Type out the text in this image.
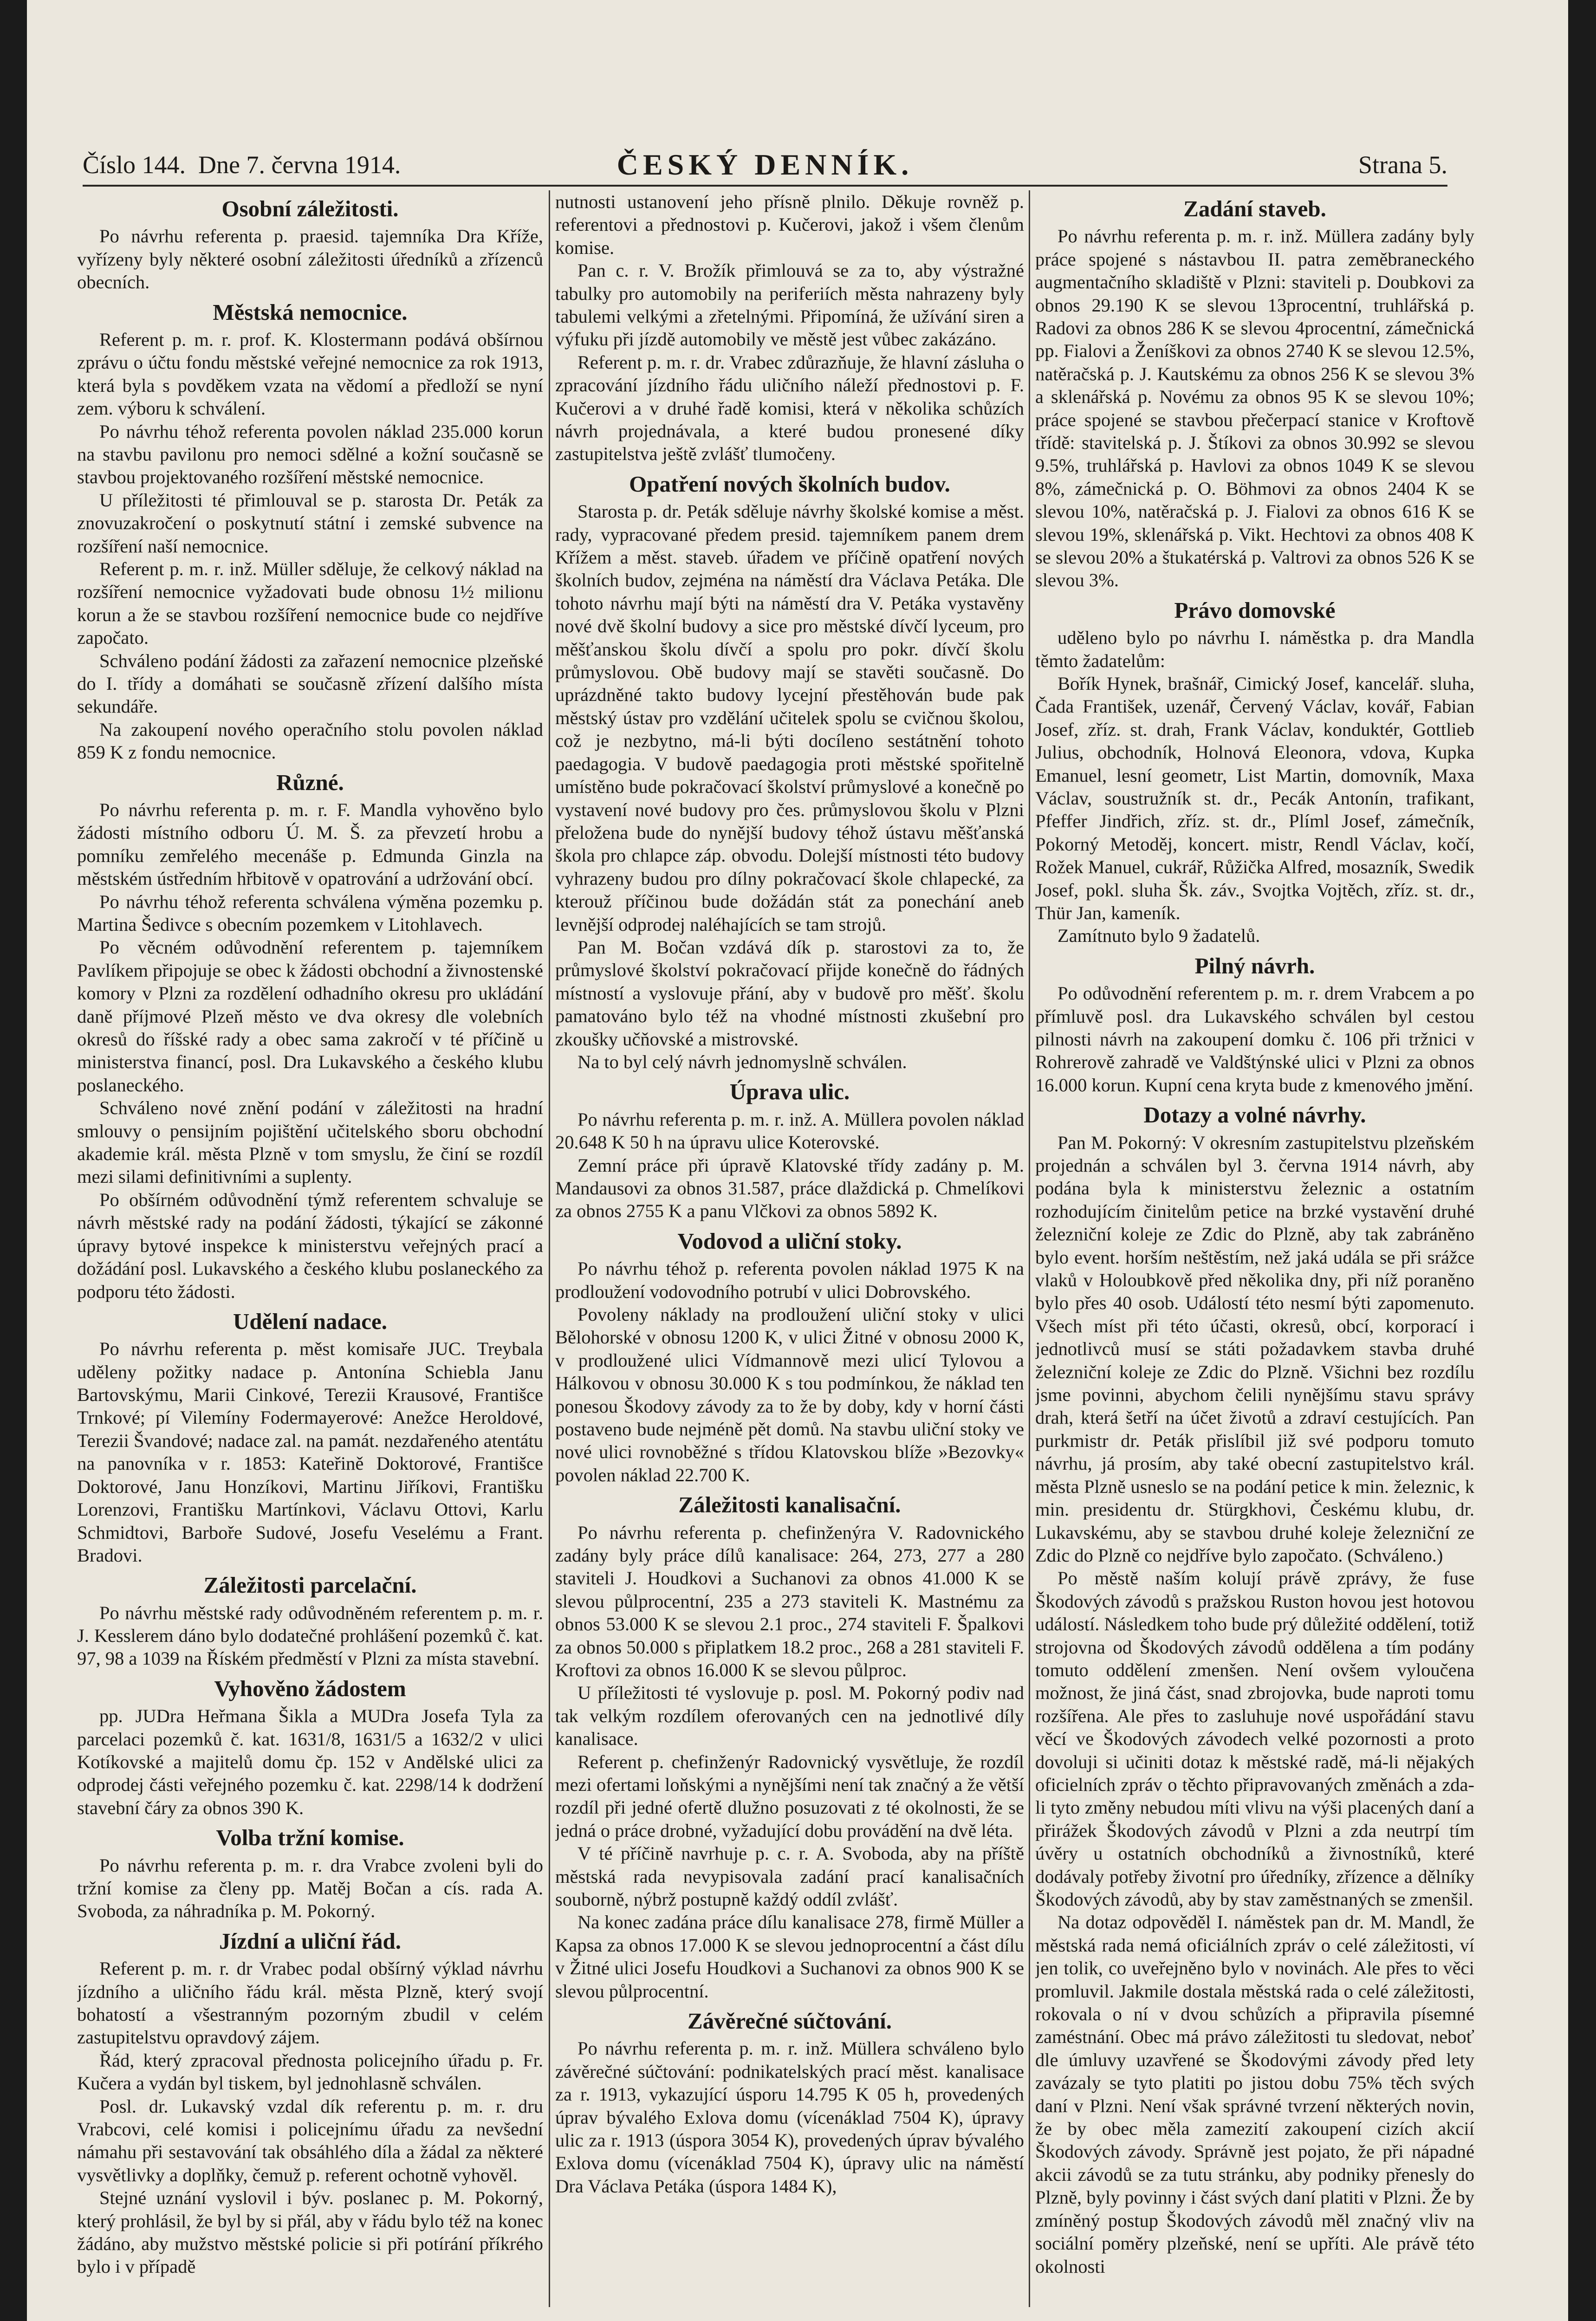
Číslo 144. Dne 7. června 1914.	ČESKÝ DENNÍK.	Strana 5.
Osobní záležitosti.

Po návrhu referenta p. praesid. tajemníka Dra Kříže, vyřízeny byly některé osobní záležitosti úředníků a zřízenců obecních.

Městská nemocnice.

Referent p. m. r. prof. K. Klostermann podává obšírnou zprávu o účtu fondu městské veřejné nemocnice za rok 1913, která byla s povděkem vzata na vědomí a předloží se nyní zem. výboru k schválení.

Po návrhu téhož referenta povolen náklad 235.000 korun na stavbu pavilonu pro nemoci sdělné a kožní současně se stavbou projektovaného rozšíření městské nemocnice.

U příležitosti té přimlouval se p. starosta Dr. Peták za znovuzakročení o poskytnutí státní i zemské subvence na rozšíření naší nemocnice.

Referent p. m. r. inž. Müller sděluje, že celkový náklad na rozšíření nemocnice vyžadovati bude obnosu 1½ milionu korun a že se stavbou rozšíření nemocnice bude co nejdříve započato.

Schváleno podání žádosti za zařazení nemocnice plzeňské do I. třídy a domáhati se současně zřízení dalšího místa sekundáře.

Na zakoupení nového operačního stolu povolen náklad 859 K z fondu nemocnice.

Různé.

Po návrhu referenta p. m. r. F. Mandla vyhověno bylo žádosti místního odboru Ú. M. Š. za převzetí hrobu a pomníku zemřelého mecenáše p. Edmunda Ginzla na městském ústředním hřbitově v opatrování a udržování obcí.

Po návrhu téhož referenta schválena výměna pozemku p. Martina Šedivce s obecním pozemkem v Litohlavech.

Po věcném odůvodnění referentem p. tajemníkem Pavlíkem připojuje se obec k žádosti obchodní a živnostenské komory v Plzni za rozdělení odhadního okresu pro ukládání daně příjmové Plzeň město ve dva okresy dle volebních okresů do říšské rady a obec sama zakročí v té příčině u ministerstva financí, posl. Dra Lukavského a českého klubu poslaneckého.

Schváleno nové znění podání v záležitosti na hradní smlouvy o pensijním pojištění učitelského sboru obchodní akademie král. města Plzně v tom smyslu, že činí se rozdíl mezi silami definitivními a suplenty.

Po obšírném odůvodnění týmž referentem schvaluje se návrh městské rady na podání žádosti, týkající se zákonné úpravy bytové inspekce k ministerstvu veřejných prací a dožádání posl. Lukavského a českého klubu poslaneckého za podporu této žádosti.

Udělení nadace.

Po návrhu referenta p. měst komisaře JUC. Treybala uděleny požitky nadace p. Antonína Schiebla Janu Bartovskýmu, Marii Cinkové, Terezii Krausové, Františce Trnkové; pí Vilemíny Fodermayerové: Anežce Heroldové, Terezii Švandové; nadace zal. na památ. nezdařeného atentátu na panovníka v r. 1853: Kateřině Doktorové, Františce Doktorové, Janu Honzíkovi, Martinu Jiříkovi, Františku Lorenzovi, Františku Martínkovi, Václavu Ottovi, Karlu Schmidtovi, Barboře Sudové, Josefu Veselému a Frant. Bradovi.

Záležitosti parcelační.

Po návrhu městské rady odůvodněném referentem p. m. r. J. Kesslerem dáno bylo dodatečné prohlášení pozemků č. kat. 97, 98 a 1039 na Říském předměstí v Plzni za místa stavební.

Vyhověno žádostem

pp. JUDra Heřmana Šikla a MUDra Josefa Tyla za parcelaci pozemků č. kat. 1631/8, 1631/5 a 1632/2 v ulici Kotíkovské a majitelů domu čp. 152 v Andělské ulici za odprodej části veřejného pozemku č. kat. 2298/14 k dodržení stavební čáry za obnos 390 K.

Volba tržní komise.

Po návrhu referenta p. m. r. dra Vrabce zvoleni byli do tržní komise za členy pp. Matěj Bočan a cís. rada A. Svoboda, za náhradníka p. M. Pokorný.

Jízdní a uliční řád.

Referent p. m. r. dr Vrabec podal obšírný výklad návrhu jízdního a uličního řádu král. města Plzně, který svojí bohatostí a všestranným pozorným zbudil v celém zastupitelstvu opravdový zájem.

Řád, který zpracoval přednosta policejního úřadu p. Fr. Kučera a vydán byl tiskem, byl jednohlasně schválen.

Posl. dr. Lukavský vzdal dík referentu p. m. r. dru Vrabcovi, celé komisi i policejnímu úřadu za nevšední námahu při sestavování tak obsáhlého díla a žádal za některé vysvětlivky a doplňky, čemuž p. referent ochotně vyhověl.

Stejné uznání vyslovil i býv. poslanec p. M. Pokorný, který prohlásil, že byl by si přál, aby v řádu bylo též na konec žádáno, aby mužstvo městské policie si při potírání příkrého bylo i v případě

nutnosti ustanovení jeho přísně plnilo. Děkuje rovněž p. referentovi a přednostovi p. Kučerovi, jakož i všem členům komise.

Pan c. r. V. Brožík přimlouvá se za to, aby výstražné tabulky pro automobily na periferiích města nahrazeny byly tabulemi velkými a zřetelnými. Připomíná, že užívání siren a výfuku při jízdě automobily ve městě jest vůbec zakázáno.

Referent p. m. r. dr. Vrabec zdůrazňuje, že hlavní zásluha o zpracování jízdního řádu uličního náleží přednostovi p. F. Kučerovi a v druhé řadě komisi, která v několika schůzích návrh projednávala, a které budou pronesené díky zastupitelstva ještě zvlášť tlumočeny.

Opatření nových školních budov.

Starosta p. dr. Peták sděluje návrhy školské komise a měst. rady, vypracované předem presid. tajemníkem panem drem Křížem a měst. staveb. úřadem ve příčině opatření nových školních budov, zejména na náměstí dra Václava Petáka. Dle tohoto návrhu mají býti na náměstí dra V. Petáka vystavěny nové dvě školní budovy a sice pro městské dívčí lyceum, pro měšťanskou školu dívčí a spolu pro pokr. dívčí školu průmyslovou. Obě budovy mají se stavěti současně. Do uprázdněné takto budovy lycejní přestěhován bude pak městský ústav pro vzdělání učitelek spolu se cvičnou školou, což je nezbytno, má-li býti docíleno sestátnění tohoto paedagogia. V budově paedagogia proti městské spořitelně umístěno bude pokračovací školství průmyslové a konečně po vystavení nové budovy pro čes. průmyslovou školu v Plzni přeložena bude do nynější budovy téhož ústavu měšťanská škola pro chlapce záp. obvodu. Dolejší místnosti této budovy vyhrazeny budou pro dílny pokračovací škole chlapecké, za kterouž příčinou bude dožádán stát za ponechání aneb levnější odprodej naléhajících se tam strojů.

Pan M. Bočan vzdává dík p. starostovi za to, že průmyslové školství pokračovací přijde konečně do řádných místností a vyslovuje přání, aby v budově pro měšť. školu pamatováno bylo též na vhodné místnosti zkušební pro zkoušky učňovské a mistrovské.

Na to byl celý návrh jednomyslně schválen.

Úprava ulic.

Po návrhu referenta p. m. r. inž. A. Müllera povolen náklad 20.648 K 50 h na úpravu ulice Koterovské.

Zemní práce při úpravě Klatovské třídy zadány p. M. Mandausovi za obnos 31.587, práce dlaždická p. Chmelíkovi za obnos 2755 K a panu Vlčkovi za obnos 5892 K.

Vodovod a uliční stoky.

Po návrhu téhož p. referenta povolen náklad 1975 K na prodloužení vodovodního potrubí v ulici Dobrovského.

Povoleny náklady na prodloužení uliční stoky v ulici Bělohorské v obnosu 1200 K, v ulici Žitné v obnosu 2000 K, v prodloužené ulici Vídmannově mezi ulicí Tylovou a Hálkovou v obnosu 30.000 K s tou podmínkou, že náklad ten ponesou Škodovy závody za to že by doby, kdy v horní části postaveno bude nejméně pět domů. Na stavbu uliční stoky ve nové ulici rovnoběžné s třídou Klatovskou blíže »Bezovky« povolen náklad 22.700 K.

Záležitosti kanalisační.

Po návrhu referenta p. chefinženýra V. Radovnického zadány byly práce dílů kanalisace: 264, 273, 277 a 280 staviteli J. Houdkovi a Suchanovi za obnos 41.000 K se slevou půlprocentní, 235 a 273 staviteli K. Mastnému za obnos 53.000 K se slevou 2.1 proc., 274 staviteli F. Špalkovi za obnos 50.000 s připlatkem 18.2 proc., 268 a 281 staviteli F. Kroftovi za obnos 16.000 K se slevou půlproc.

U příležitosti té vyslovuje p. posl. M. Pokorný podiv nad tak velkým rozdílem oferovaných cen na jednotlivé díly kanalisace.

Referent p. chefinženýr Radovnický vysvětluje, že rozdíl mezi ofertami loňskými a nynějšími není tak značný a že větší rozdíl při jedné ofertě dlužno posuzovati z té okolnosti, že se jedná o práce drobné, vyžadující dobu provádění na dvě léta.

V té příčině navrhuje p. c. r. A. Svoboda, aby na příště městská rada nevypisovala zadání prací kanalisačních souborně, nýbrž postupně každý oddíl zvlášť.

Na konec zadána práce dílu kanalisace 278, firmě Müller a Kapsa za obnos 17.000 K se slevou jednoprocentní a část dílu v Žitné ulici Josefu Houdkovi a Suchanovi za obnos 900 K se slevou půlprocentní.

Závěrečné súčtování.

Po návrhu referenta p. m. r. inž. Müllera schváleno bylo závěrečné súčtování: podnikatelských prací měst. kanalisace za r. 1913, vykazující úsporu 14.795 K 05 h, provedených úprav bývalého Exlova domu (vícenáklad 7504 K), úpravy ulic za r. 1913 (úspora 3054 K), provedených úprav bývalého Exlova domu (vícenáklad 7504 K), úpravy ulic na náměstí Dra Václava Petáka (úspora 1484 K),

Zadání staveb.

Po návrhu referenta p. m. r. inž. Müllera zadány byly práce spojené s nástavbou II. patra zeměbraneckého augmentačního skladiště v Plzni: staviteli p. Doubkovi za obnos 29.190 K se slevou 13procentní, truhlářská p. Radovi za obnos 286 K se slevou 4procentní, zámečnická pp. Fialovi a Ženíškovi za obnos 2740 K se slevou 12.5%, natěračská p. J. Kautskému za obnos 256 K se slevou 3% a sklenářská p. Novému za obnos 95 K se slevou 10%; práce spojené se stavbou přečerpací stanice v Kroftově třídě: stavitelská p. J. Štíkovi za obnos 30.992 se slevou 9.5%, truhlářská p. Havlovi za obnos 1049 K se slevou 8%, zámečnická p. O. Böhmovi za obnos 2404 K se slevou 10%, natěračská p. J. Fialovi za obnos 616 K se slevou 19%, sklenářská p. Vikt. Hechtovi za obnos 408 K se slevou 20% a štukatérská p. Valtrovi za obnos 526 K se slevou 3%.

Právo domovské

uděleno bylo po návrhu I. náměstka p. dra Mandla těmto žadatelům:

Bořík Hynek, brašnář, Cimický Josef, kancelář. sluha, Čada František, uzenář, Červený Václav, kovář, Fabian Josef, zříz. st. drah, Frank Václav, konduktér, Gottlieb Julius, obchodník, Holnová Eleonora, vdova, Kupka Emanuel, lesní geometr, List Martin, domovník, Maxa Václav, soustružník st. dr., Pecák Antonín, trafikant, Pfeffer Jindřich, zříz. st. dr., Plíml Josef, zámečník, Pokorný Metoděj, koncert. mistr, Rendl Václav, kočí, Rožek Manuel, cukrář, Růžička Alfred, mosazník, Swedik Josef, pokl. sluha Šk. záv., Svojtka Vojtěch, zříz. st. dr., Thür Jan, kameník.

Zamítnuto bylo 9 žadatelů.

Pilný návrh.

Po odůvodnění referentem p. m. r. drem Vrabcem a po přímluvě posl. dra Lukavského schválen byl cestou pilnosti návrh na zakoupení domku č. 106 při tržnici v Rohrerově zahradě ve Valdštýnské ulici v Plzni za obnos 16.000 korun. Kupní cena kryta bude z kmenového jmění.

Dotazy a volné návrhy.

Pan M. Pokorný: V okresním zastupitelstvu plzeňském projednán a schválen byl 3. června 1914 návrh, aby podána byla k ministerstvu železnic a ostatním rozhodujícím činitelům petice na brzké vystavění druhé železniční koleje ze Zdic do Plzně, aby tak zabráněno bylo event. horším neštěstím, než jaká udála se při srážce vlaků v Holoubkově před několika dny, při níž poraněno bylo přes 40 osob. Událostí této nesmí býti zapomenuto. Všech míst při této účasti, okresů, obcí, korporací i jednotlivců musí se státi požadavkem stavba druhé železniční koleje ze Zdic do Plzně. Všichni bez rozdílu jsme povinni, abychom čelili nynějšímu stavu správy drah, která šetří na účet životů a zdraví cestujících. Pan purkmistr dr. Peták přislíbil již své podporu tomuto návrhu, já prosím, aby také obecní zastupitelstvo král. města Plzně usneslo se na podání petice k min. železnic, k min. presidentu dr. Stürgkhovi, Českému klubu, dr. Lukavskému, aby se stavbou druhé koleje železniční ze Zdic do Plzně co nejdříve bylo započato. (Schváleno.)

Po městě naším kolují právě zprávy, že fuse Škodových závodů s pražskou Ruston hovou jest hotovou událostí. Následkem toho bude prý důležité oddělení, totiž strojovna od Škodových závodů oddělena a tím podány tomuto oddělení zmenšen. Není ovšem vyloučena možnost, že jiná část, snad zbrojovka, bude naproti tomu rozšířena. Ale přes to zasluhuje nové uspořádání stavu věcí ve Škodových závodech velké pozornosti a proto dovoluji si učiniti dotaz k městské radě, má-li nějakých oficielních zpráv o těchto připravovaných změnách a zda-li tyto změny nebudou míti vlivu na výši placených daní a přirážek Škodových závodů v Plzni a zda neutrpí tím úvěry u ostatních obchodníků a živnostníků, které dodávaly potřeby životní pro úředníky, zřízence a dělníky Škodových závodů, aby by stav zaměstnaných se zmenšil.

Na dotaz odpověděl I. náměstek pan dr. M. Mandl, že městská rada nemá oficiálních zpráv o celé záležitosti, ví jen tolik, co uveřejněno bylo v novinách. Ale přes to věci promluvil. Jakmile dostala městská rada o celé záležitosti, rokovala o ní v dvou schůzích a připravila písemné zaméstnání. Obec má právo záležitosti tu sledovat, neboť dle úmluvy uzavřené se Škodovými závody před lety zavázaly se tyto platiti po jistou dobu 75% těch svých daní v Plzni. Není však správné tvrzení některých novin, že by obec měla zamezití zakoupení cizích akcií Škodových závody. Správně jest pojato, že při nápadné akcii závodů se za tutu stránku, aby podniky přenesly do Plzně, byly povinny i část svých daní platiti v Plzni. Že by zmíněný postup Škodových závodů měl značný vliv na sociální poměry plzeňské, není se upříti. Ale právě této okolnosti
